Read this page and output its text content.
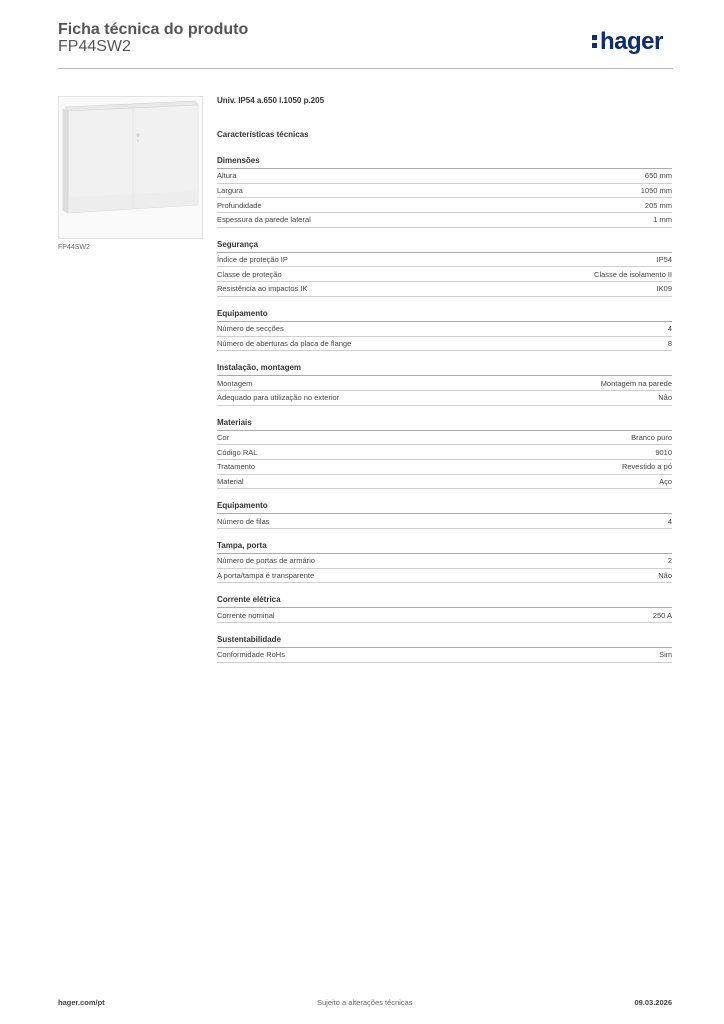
Ficha técnica do produto
FP44SW2	hager
FP44SW2
Univ. IP54 a.650 l.1050 p.205
Características técnicas
Dimensões
Altura	650 mm
Largura	1050 mm
Profundidade	205 mm
Espessura da parede lateral	1 mm
Segurança
Índice de proteção IP	IP54
Classe de proteção	Classe de isolamento II
Resistência ao impactos IK	IK09
Equipamento
Número de secções	4
Número de aberturas da placa de flange	8
Instalação, montagem
Montagem	Montagem na parede
Adequado para utilização no exterior	Não
Materiais
Cor	Branco puro
Código RAL	9010
Tratamento	Revestido a pó
Material	Aço
Equipamento
Número de filas	4
Tampa, porta
Número de portas de armário	2
A porta/tampa é transparente	Não
Corrente elétrica
Corrente nominal	250 A
Sustentabilidade
Conformidade RoHs	Sim
hager.com/pt	Sujeito a alterações técnicas	09.03.2026
